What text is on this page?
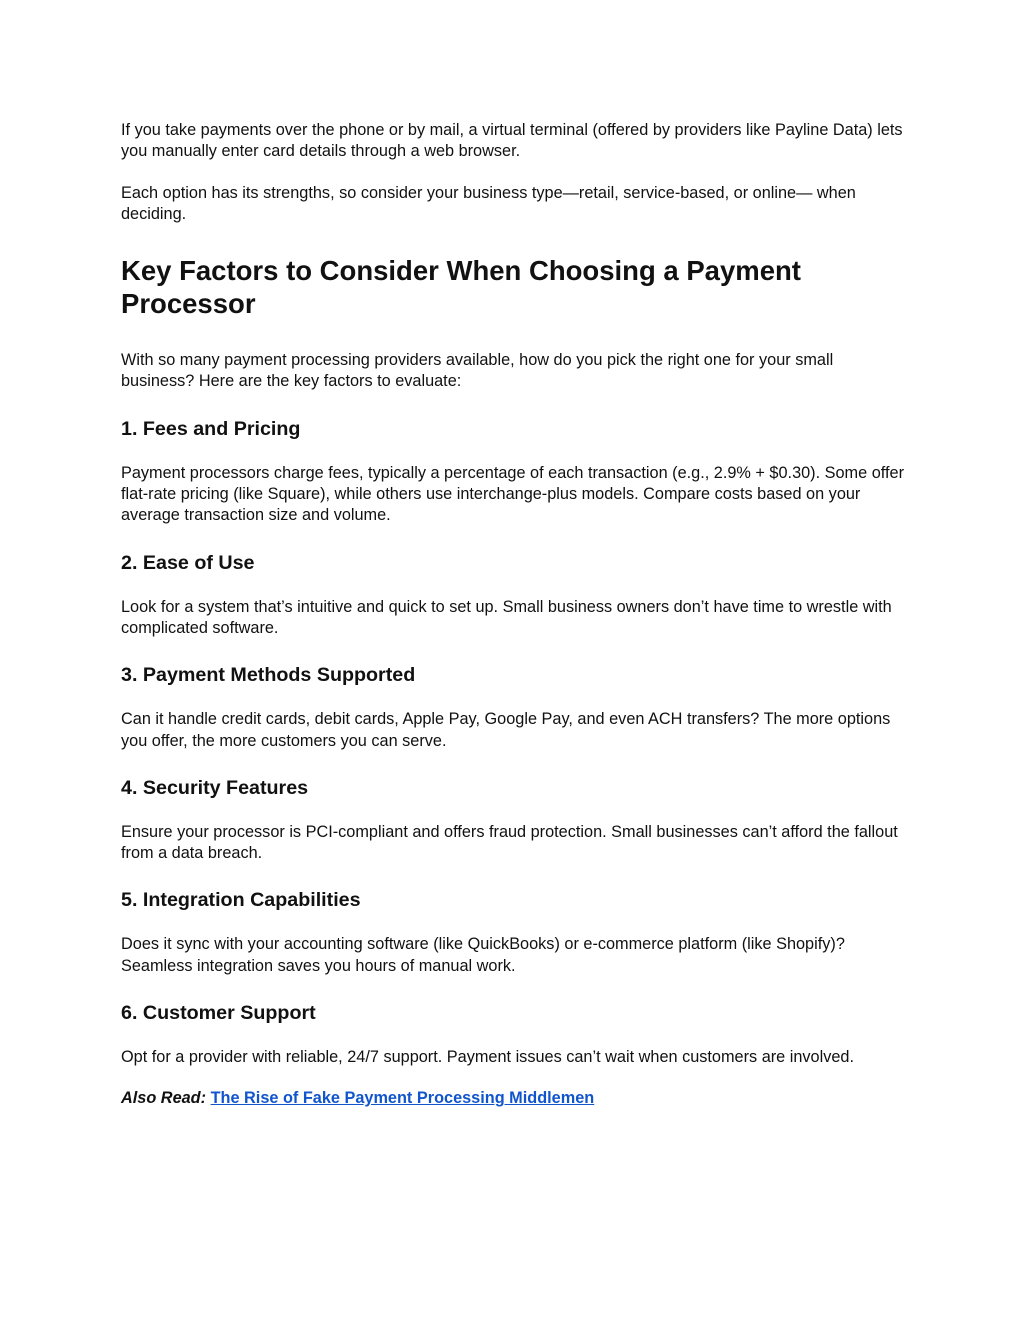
If you take payments over the phone or by mail, a virtual terminal (offered by providers like Payline Data) lets you manually enter card details through a web browser.

Each option has its strengths, so consider your business type—retail, service-based, or online— when deciding.

Key Factors to Consider When Choosing a Payment Processor

With so many payment processing providers available, how do you pick the right one for your small business? Here are the key factors to evaluate:

1. Fees and Pricing

Payment processors charge fees, typically a percentage of each transaction (e.g., 2.9% + $0.30). Some offer flat-rate pricing (like Square), while others use interchange-plus models. Compare costs based on your average transaction size and volume.

2. Ease of Use

Look for a system that’s intuitive and quick to set up. Small business owners don’t have time to wrestle with complicated software.

3. Payment Methods Supported

Can it handle credit cards, debit cards, Apple Pay, Google Pay, and even ACH transfers? The more options you offer, the more customers you can serve.

4. Security Features

Ensure your processor is PCI-compliant and offers fraud protection. Small businesses can’t afford the fallout from a data breach.

5. Integration Capabilities

Does it sync with your accounting software (like QuickBooks) or e-commerce platform (like Shopify)? Seamless integration saves you hours of manual work.

6. Customer Support

Opt for a provider with reliable, 24/7 support. Payment issues can’t wait when customers are involved.

Also Read: The Rise of Fake Payment Processing Middlemen
